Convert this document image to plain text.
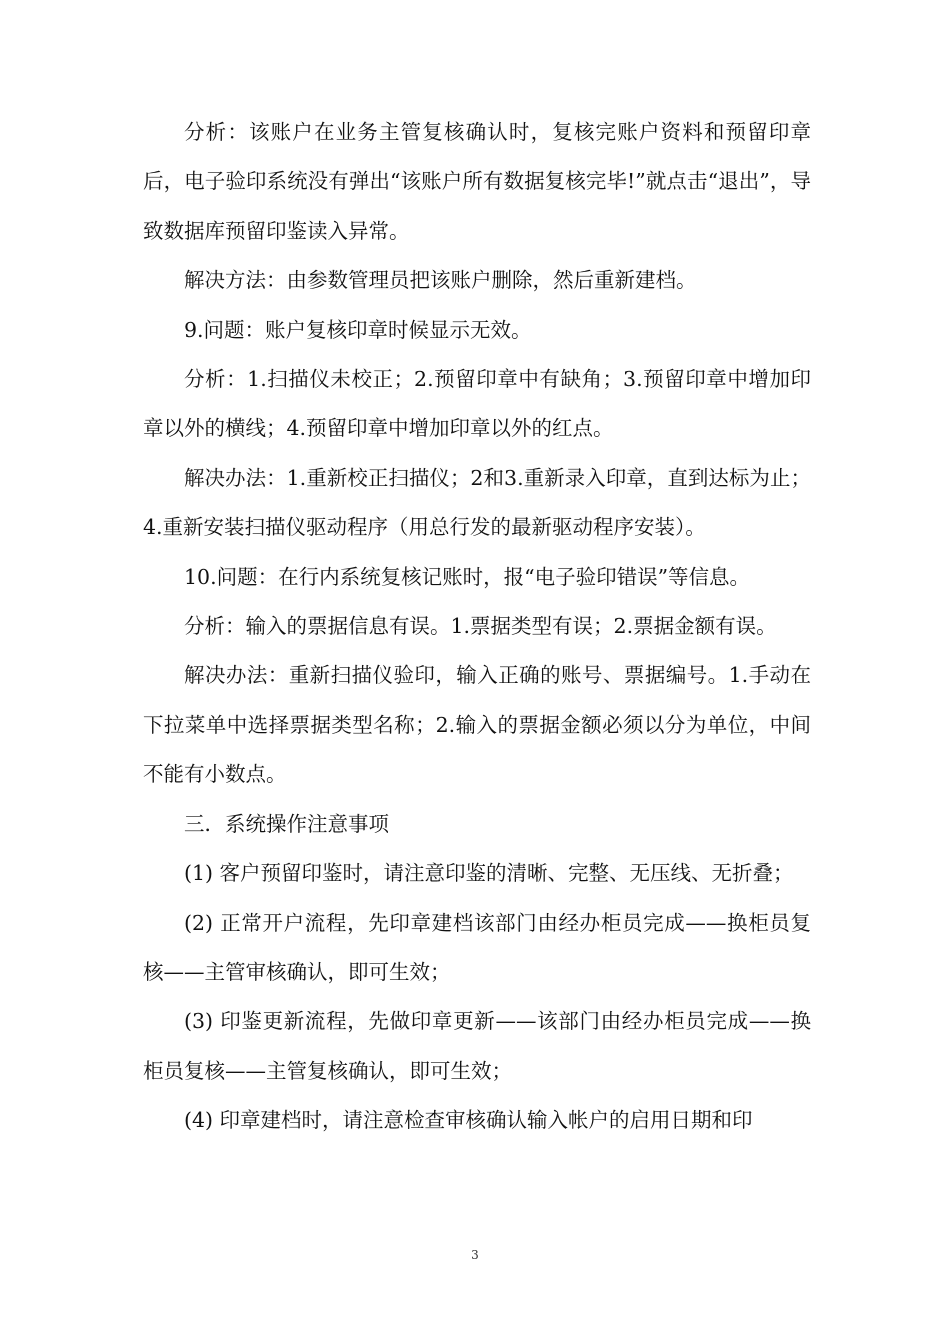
分析：该账户在业务主管复核确认时，复核完账户资料和预留印章后，电子验印系统没有弹出“该账户所有数据复核完毕!”就点击“退出”，导致数据库预留印鉴读入异常。

解决方法：由参数管理员把该账户删除，然后重新建档。

9.问题：账户复核印章时候显示无效。

分析：1.扫描仪未校正；2.预留印章中有缺角；3.预留印章中增加印章以外的横线；4.预留印章中增加印章以外的红点。

解决办法：1.重新校正扫描仪；2和3.重新录入印章，直到达标为止；4.重新安装扫描仪驱动程序（用总行发的最新驱动程序安装）。

10.问题：在行内系统复核记账时，报“电子验印错误”等信息。

分析：输入的票据信息有误。1.票据类型有误；2.票据金额有误。

解决办法：重新扫描仪验印，输入正确的账号、票据编号。1.手动在下拉菜单中选择票据类型名称；2.输入的票据金额必须以分为单位，中间不能有小数点。

三．系统操作注意事项

(1) 客户预留印鉴时，请注意印鉴的清晰、完整、无压线、无折叠；

(2) 正常开户流程，先印章建档该部门由经办柜员完成——换柜员复核——主管审核确认，即可生效；

(3) 印鉴更新流程，先做印章更新——该部门由经办柜员完成——换柜员复核——主管复核确认，即可生效；

(4) 印章建档时，请注意检查审核确认输入帐户的启用日期和印

3
